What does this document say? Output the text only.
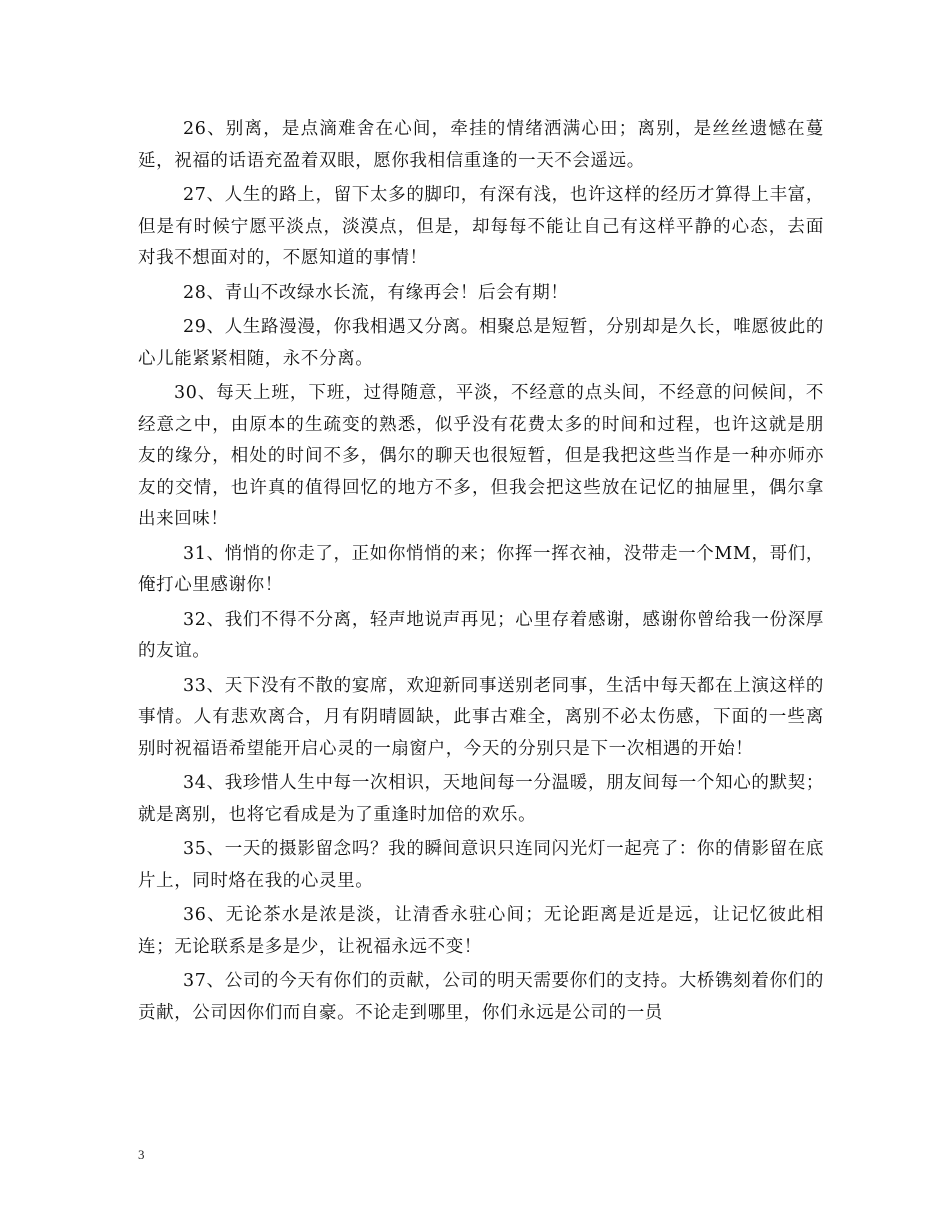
26、别离，是点滴难舍在心间，牵挂的情绪洒满心田；离别，是丝丝遗憾在蔓延，祝福的话语充盈着双眼，愿你我相信重逢的一天不会遥远。

27、人生的路上，留下太多的脚印，有深有浅，也许这样的经历才算得上丰富，但是有时候宁愿平淡点，淡漠点，但是，却每每不能让自己有这样平静的心态，去面对我不想面对的，不愿知道的事情！

28、青山不改绿水长流，有缘再会！后会有期！

29、人生路漫漫，你我相遇又分离。相聚总是短暂，分别却是久长，唯愿彼此的心儿能紧紧相随，永不分离。

30、每天上班，下班，过得随意，平淡，不经意的点头间，不经意的问候间，不经意之中，由原本的生疏变的熟悉，似乎没有花费太多的时间和过程，也许这就是朋友的缘分，相处的时间不多，偶尔的聊天也很短暂，但是我把这些当作是一种亦师亦友的交情，也许真的值得回忆的地方不多，但我会把这些放在记忆的抽屉里，偶尔拿出来回味！

31、悄悄的你走了，正如你悄悄的来；你挥一挥衣袖，没带走一个MM，哥们，俺打心里感谢你！

32、我们不得不分离，轻声地说声再见；心里存着感谢，感谢你曾给我一份深厚的友谊。

33、天下没有不散的宴席，欢迎新同事送别老同事，生活中每天都在上演这样的事情。人有悲欢离合，月有阴晴圆缺，此事古难全，离别不必太伤感，下面的一些离别时祝福语希望能开启心灵的一扇窗户，今天的分别只是下一次相遇的开始！

34、我珍惜人生中每一次相识，天地间每一分温暖，朋友间每一个知心的默契；就是离别，也将它看成是为了重逢时加倍的欢乐。

35、一天的摄影留念吗？我的瞬间意识只连同闪光灯一起亮了：你的倩影留在底片上，同时烙在我的心灵里。

36、无论茶水是浓是淡，让清香永驻心间；无论距离是近是远，让记忆彼此相连；无论联系是多是少，让祝福永远不变！

37、公司的今天有你们的贡献，公司的明天需要你们的支持。大桥镌刻着你们的贡献，公司因你们而自豪。不论走到哪里，你们永远是公司的一员

3
